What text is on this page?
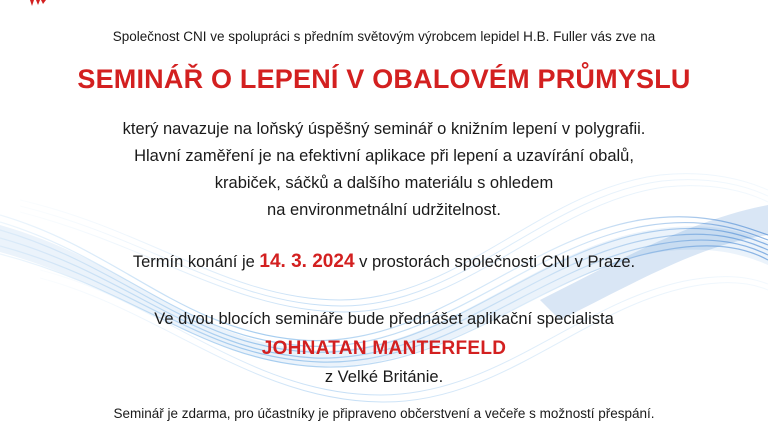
Společnost CNI ve spolupráci s předním světovým výrobcem lepidel H.B. Fuller vás zve na
SEMINÁŘ O LEPENÍ V OBALOVÉM PRŮMYSLU
který navazuje na loňský úspěšný seminář o knižním lepení v polygrafii.
Hlavní zaměření je na efektivní aplikace při lepení a uzavírání obalů,
krabiček, sáčků a dalšího materiálu s ohledem
na environmetnální udržitelnost.
Termín konání je 14. 3. 2024 v prostorách společnosti CNI v Praze.
Ve dvou blocích semináře bude přednášet aplikační specialista
JOHNATAN MANTERFELD
z Velké Británie.
Seminář je zdarma, pro účastníky je připraveno občerstvení a večeře s možností přespání.
